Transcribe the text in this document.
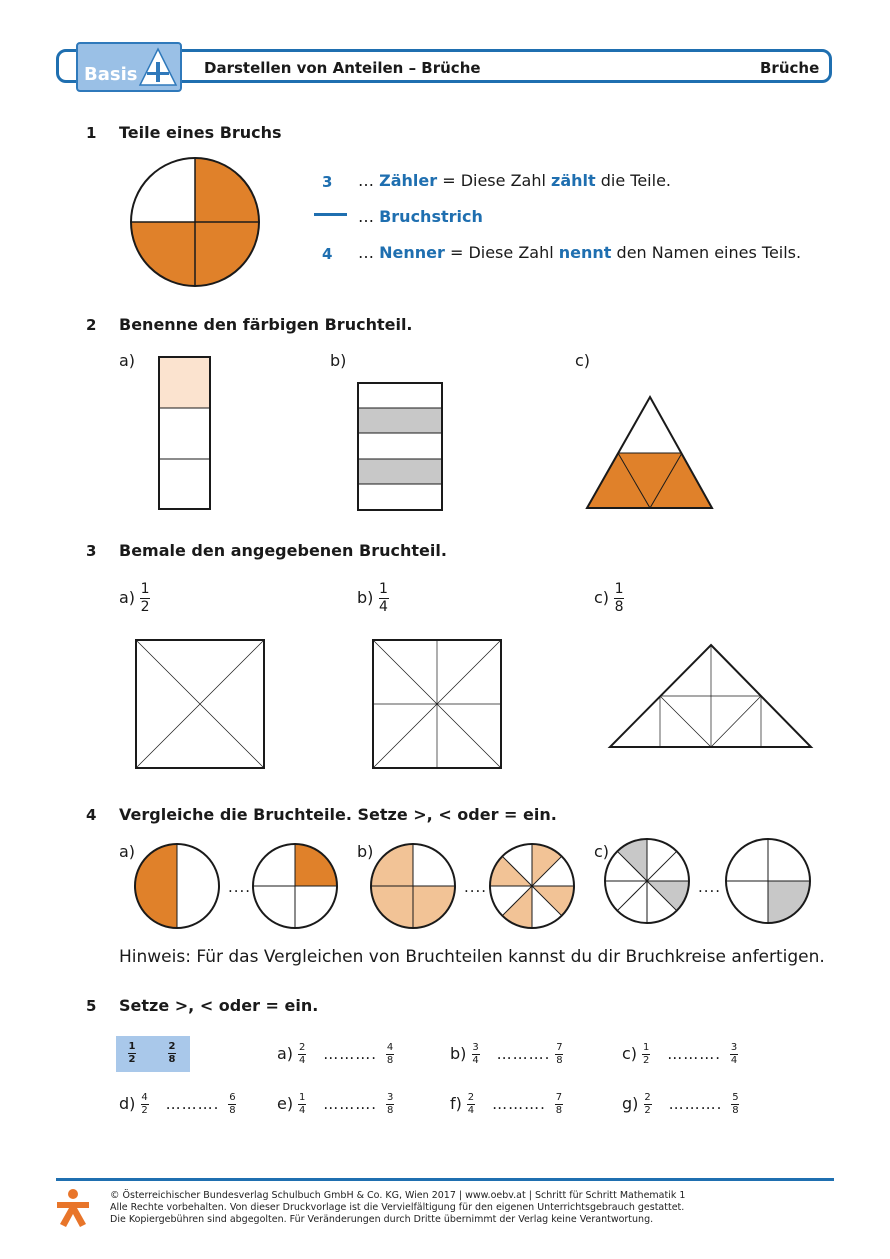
Basis	Darstellen von Anteilen – Brüche	Brüche
1 Teile eines Bruchs
3 … Zähler = Diese Zahl zählt die Teile.
… Bruchstrich
4 … Nenner = Diese Zahl nennt den Namen eines Teils.
2 Benenne den färbigen Bruchteil.
a)	b)	c)
3 Bemale den angegebenen Bruchteil.
$a) \frac{1}{2}$	$b) \frac{1}{4}$	$c) \frac{1}{8}$
4 Vergleiche die Bruchteile. Setze >, < oder = ein.
a)	b)	c)
....	....	....
Hinweis: Für das Vergleichen von Bruchteilen kannst du dir Bruchkreise anfertigen.
5 Setze >, < oder = ein.
$\frac{1}{2}$	$\frac{2}{8}$	$a) \frac{2}{4}$ ………. $\frac{4}{8}$	$b) \frac{3}{4}$ ………. $\frac{7}{8}$	$c) \frac{1}{2}$ ………. $\frac{3}{4}$
$d) \frac{4}{2}$ ………. $\frac{6}{8}$	$e) \frac{1}{4}$ ………. $\frac{3}{8}$	$f) \frac{2}{4}$ ………. $\frac{7}{8}$	$g) \frac{2}{2}$ ………. $\frac{5}{8}$
© Österreichischer Bundesverlag Schulbuch GmbH & Co. KG, Wien 2017 | www.oebv.at | Schritt für Schritt Mathematik 1
Alle Rechte vorbehalten. Von dieser Druckvorlage ist die Vervielfältigung für den eigenen Unterrichtsgebrauch gestattet.
Die Kopiergebühren sind abgegolten. Für Veränderungen durch Dritte übernimmt der Verlag keine Verantwortung.
